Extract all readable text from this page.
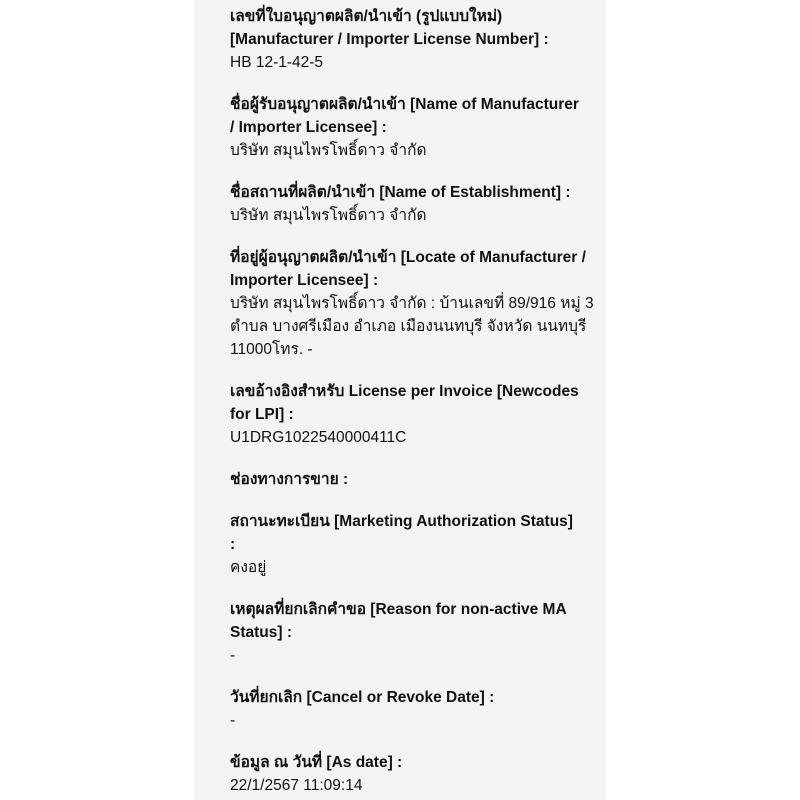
เลขที่ใบอนุญาตผลิต/นำเข้า (รูปแบบใหม่)
[Manufacturer / Importer License Number] :

HB 12-1-42-5

ชื่อผู้รับอนุญาตผลิต/นำเข้า [Name of Manufacturer
/ Importer Licensee] :

บริษัท สมุนไพรโพธิ์ดาว จำกัด

ชื่อสถานที่ผลิต/นำเข้า [Name of Establishment] :

บริษัท สมุนไพรโพธิ์ดาว จำกัด

ที่อยู่ผู้อนุญาตผลิต/นำเข้า [Locate of Manufacturer /
Importer Licensee] :

บริษัท สมุนไพรโพธิ์ดาว จำกัด : บ้านเลขที่ 89/916 หมู่ 3
ตำบล บางศรีเมือง อำเภอ เมืองนนทบุรี จังหวัด นนทบุรี
11000โทร. -

เลขอ้างอิงสำหรับ License per Invoice [Newcodes
for LPI] :

U1DRG1022540000411C

ช่องทางการขาย :

สถานะทะเบียน [Marketing Authorization Status]
:

คงอยู่

เหตุผลที่ยกเลิกคำขอ [Reason for non-active MA
Status] :

-

วันที่ยกเลิก [Cancel or Revoke Date] :

-

ข้อมูล ณ วันที่ [As date] :

22/1/2567 11:09:14
